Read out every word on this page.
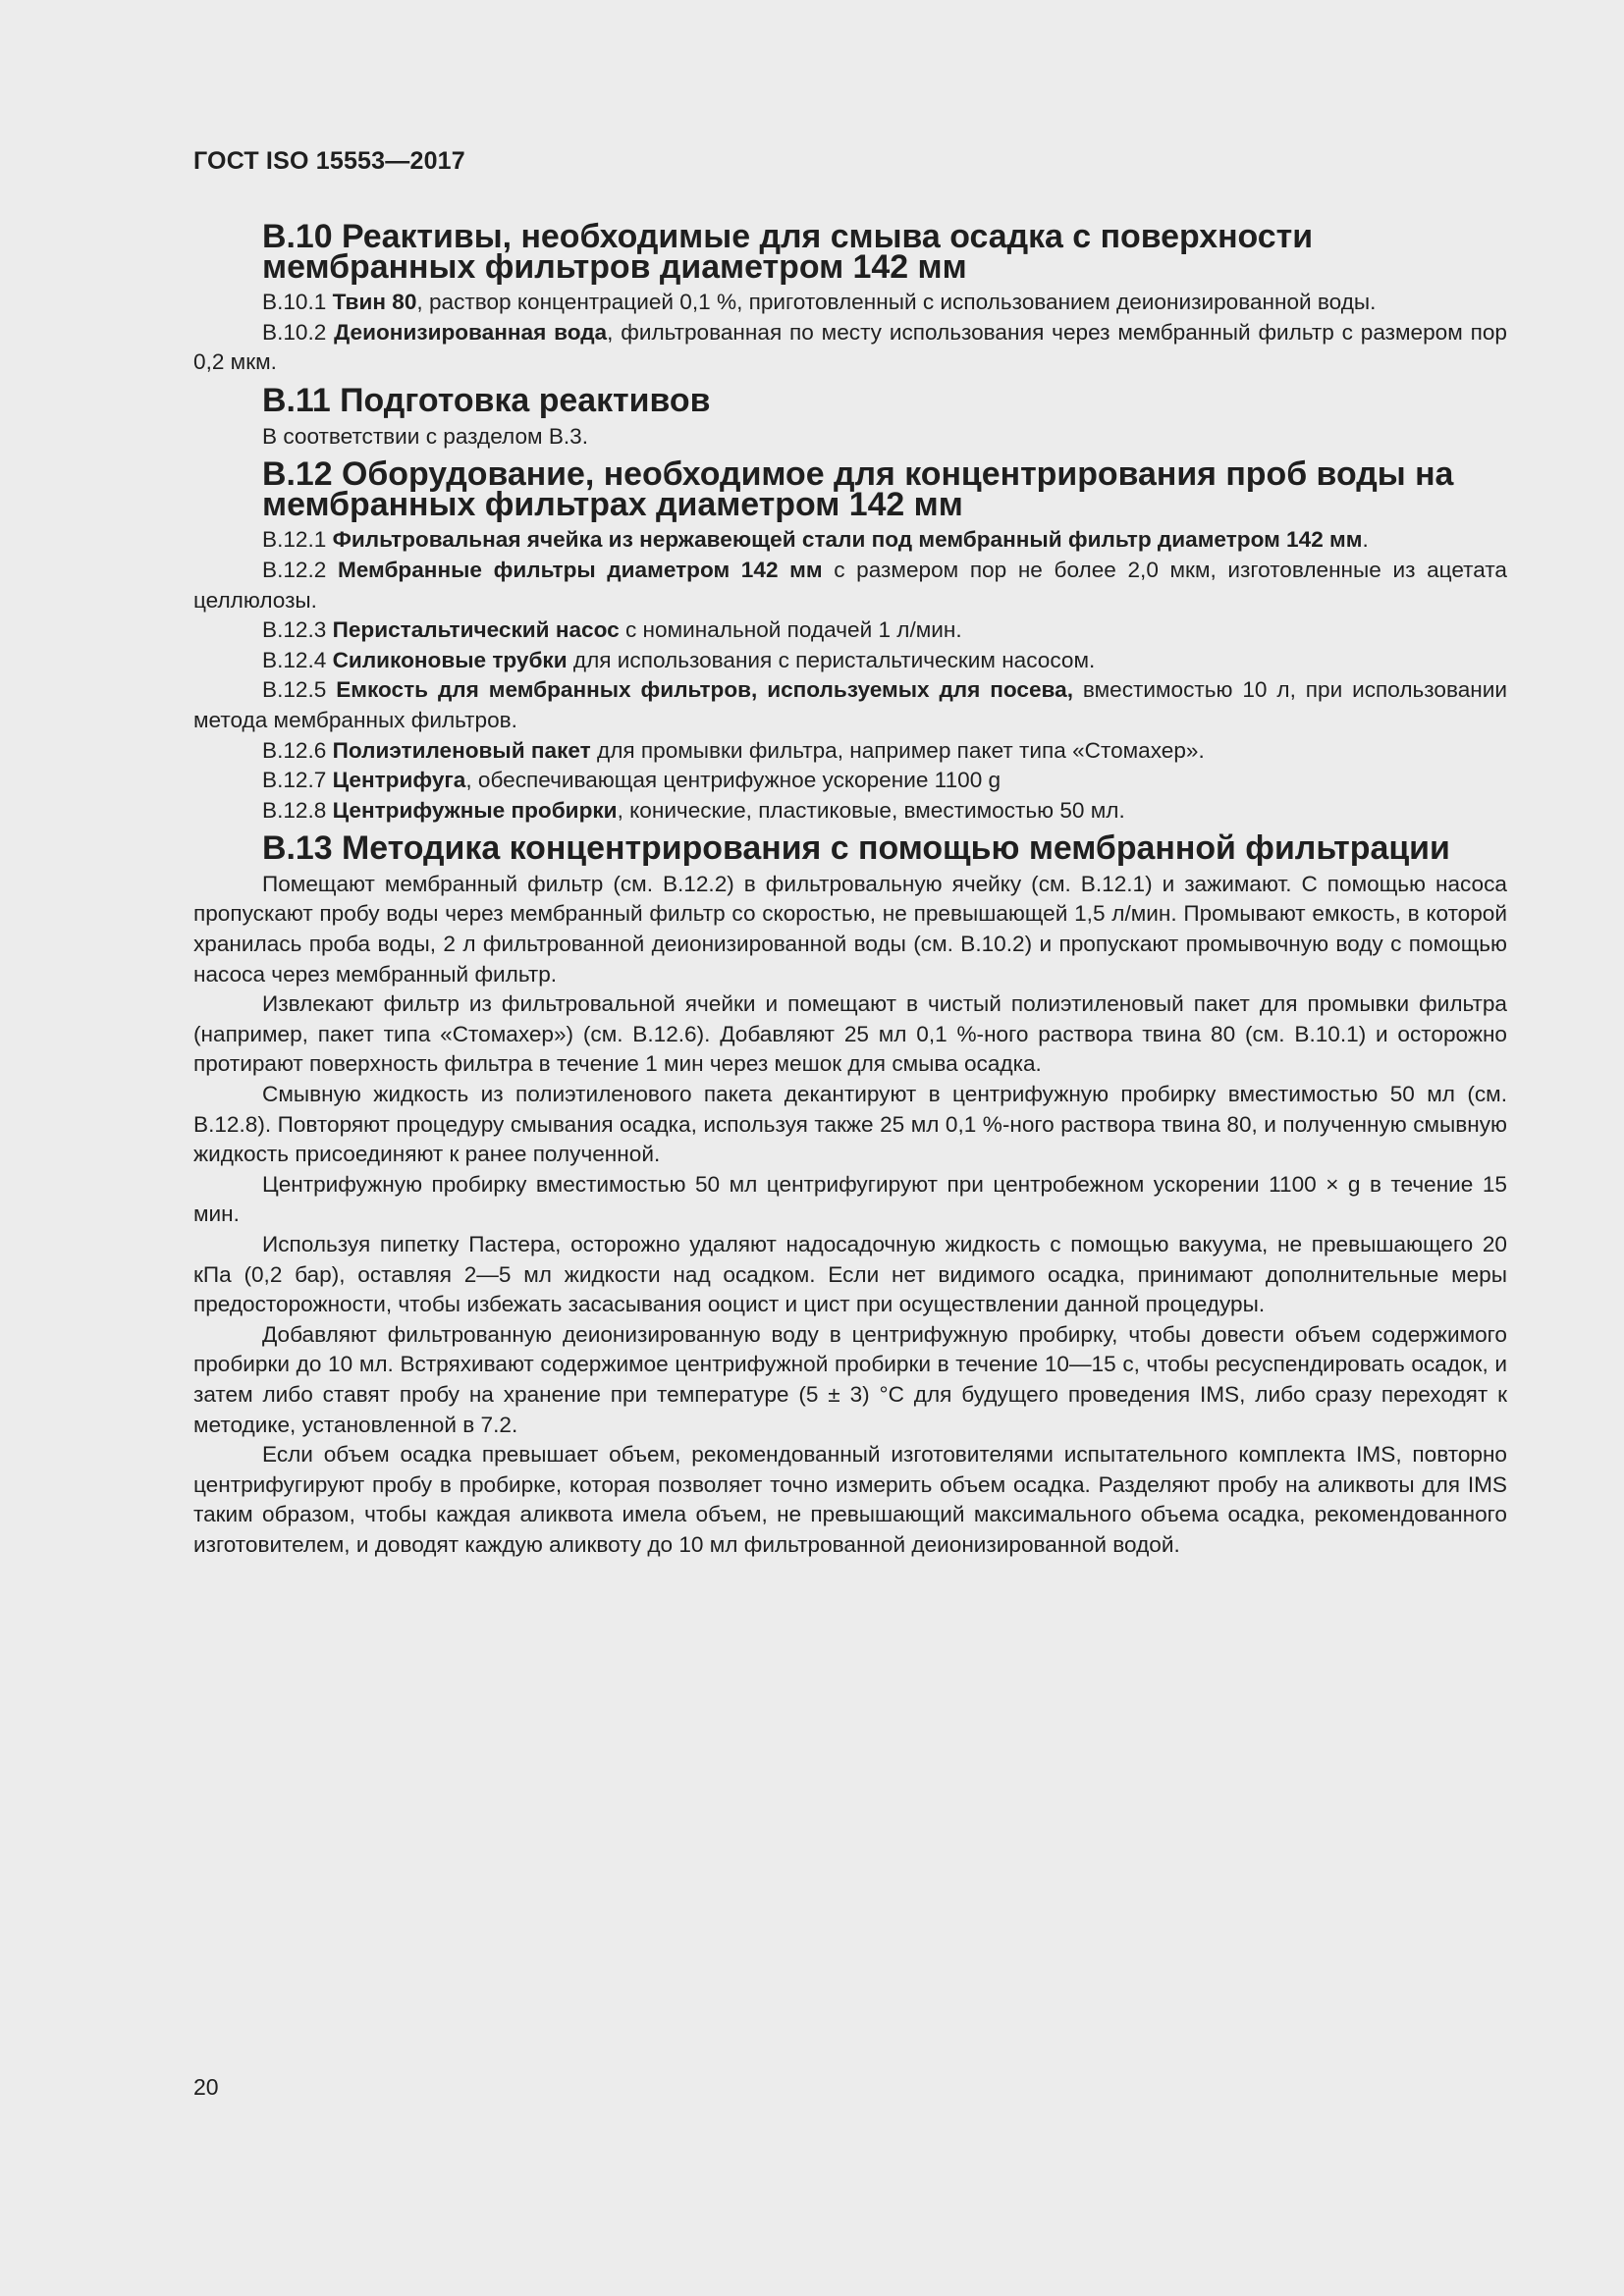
ГОСТ ISO 15553—2017
В.10 Реактивы, необходимые для смыва осадка с поверхности мембранных фильтров диаметром 142 мм

В.10.1 Твин 80, раствор концентрацией 0,1 %, приготовленный с использованием деионизированной воды.

В.10.2 Деионизированная вода, фильтрованная по месту использования через мембранный фильтр с размером пор 0,2 мкм.

В.11 Подготовка реактивов

В соответствии с разделом В.3.

В.12 Оборудование, необходимое для концентрирования проб воды на мембранных фильтрах диаметром 142 мм

В.12.1 Фильтровальная ячейка из нержавеющей стали под мембранный фильтр диаметром 142 мм.

В.12.2 Мембранные фильтры диаметром 142 мм с размером пор не более 2,0 мкм, изготовленные из ацетата целлюлозы.

В.12.3 Перистальтический насос с номинальной подачей 1 л/мин.

В.12.4 Силиконовые трубки для использования с перистальтическим насосом.

В.12.5 Емкость для мембранных фильтров, используемых для посева, вместимостью 10 л, при использовании метода мембранных фильтров.

В.12.6 Полиэтиленовый пакет для промывки фильтра, например пакет типа «Стомахер».

В.12.7 Центрифуга, обеспечивающая центрифужное ускорение 1100 g

В.12.8 Центрифужные пробирки, конические, пластиковые, вместимостью 50 мл.

В.13 Методика концентрирования с помощью мембранной фильтрации

Помещают мембранный фильтр (см. В.12.2) в фильтровальную ячейку (см. В.12.1) и зажимают. С помощью насоса пропускают пробу воды через мембранный фильтр со скоростью, не превышающей 1,5 л/мин. Промывают емкость, в которой хранилась проба воды, 2 л фильтрованной деионизированной воды (см. В.10.2) и пропускают промывочную воду с помощью насоса через мембранный фильтр.

Извлекают фильтр из фильтровальной ячейки и помещают в чистый полиэтиленовый пакет для промывки фильтра (например, пакет типа «Стомахер») (см. В.12.6). Добавляют 25 мл 0,1 %-ного раствора твина 80 (см. В.10.1) и осторожно протирают поверхность фильтра в течение 1 мин через мешок для смыва осадка.

Смывную жидкость из полиэтиленового пакета декантируют в центрифужную пробирку вместимостью 50 мл (см. В.12.8). Повторяют процедуру смывания осадка, используя также 25 мл 0,1 %-ного раствора твина 80, и полученную смывную жидкость присоединяют к ранее полученной.

Центрифужную пробирку вместимостью 50 мл центрифугируют при центробежном ускорении 1100 × g в течение 15 мин.

Используя пипетку Пастера, осторожно удаляют надосадочную жидкость с помощью вакуума, не превышающего 20 кПа (0,2 бар), оставляя 2—5 мл жидкости над осадком. Если нет видимого осадка, принимают дополнительные меры предосторожности, чтобы избежать засасывания ооцист и цист при осуществлении данной процедуры.

Добавляют фильтрованную деионизированную воду в центрифужную пробирку, чтобы довести объем содержимого пробирки до 10 мл. Встряхивают содержимое центрифужной пробирки в течение 10—15 с, чтобы ресуспендировать осадок, и затем либо ставят пробу на хранение при температуре (5 ± 3) °C для будущего проведения IMS, либо сразу переходят к методике, установленной в 7.2.

Если объем осадка превышает объем, рекомендованный изготовителями испытательного комплекта IMS, повторно центрифугируют пробу в пробирке, которая позволяет точно измерить объем осадка. Разделяют пробу на аликвоты для IMS таким образом, чтобы каждая аликвота имела объем, не превышающий максимального объема осадка, рекомендованного изготовителем, и доводят каждую аликвоту до 10 мл фильтрованной деионизированной водой.

20
